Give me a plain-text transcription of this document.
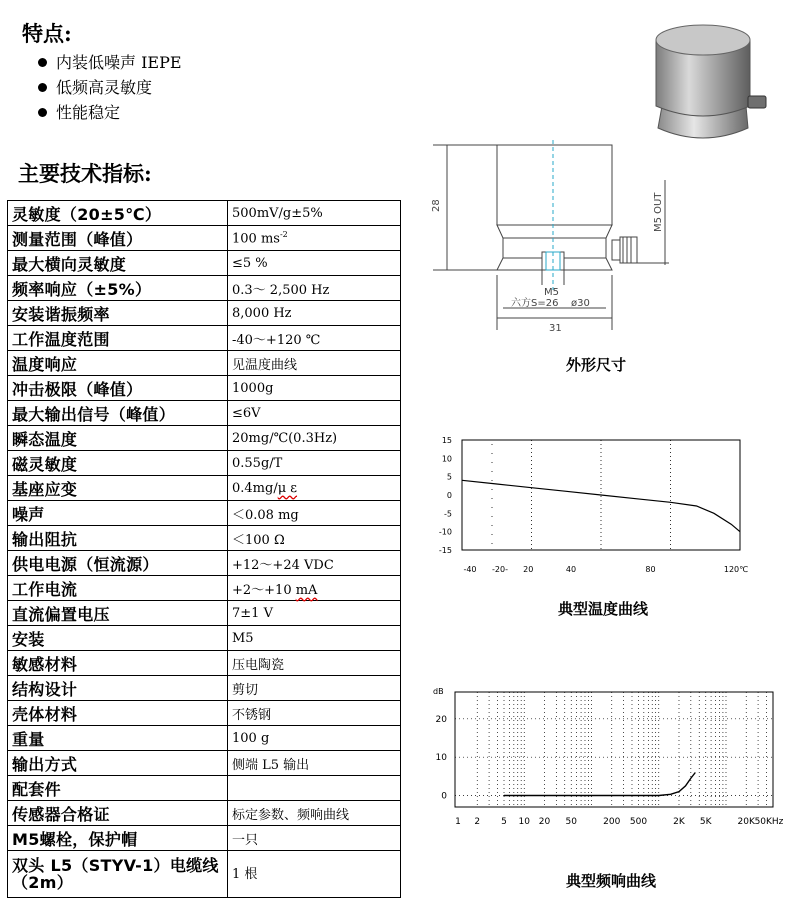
特点:
内装低噪声 IEPE
低频高灵敏度
性能稳定
主要技术指标:
灵敏度（20±5℃）	500mV/g±5%
测量范围（峰值）	100 $ms^{-2}$
最大横向灵敏度	≤5 %
频率响应（±5%）	0.3～ 2,500 Hz
安装谐振频率	8,000 Hz
工作温度范围	-40～+120 ℃
温度响应	见温度曲线
冲击极限（峰值）	1000g
最大输出信号（峰值）	≤6V
瞬态温度	20mg/℃(0.3Hz)
磁灵敏度	0.55g/T
基座应变	0.4mg/μ ε
噪声	＜0.08 mg
输出阻抗	＜100 Ω
供电电源（恒流源）	+12～+24 VDC
工作电流	+2～+10 mA
直流偏置电压	7±1 V
安装	M5
敏感材料	压电陶瓷
结构设计	剪切
壳体材料	不锈钢
重量	100 g
输出方式	侧端 L5 输出
配套件	
传感器合格证	标定参数、频响曲线
M5螺栓，保护帽	一只
双头 L5（STYV-1）电缆线（2m）	1 根
28	M5 OUT
M5
六方S=26 ø30
31
外形尺寸
15
10
5
0
-5
-10
-15
-40 -20- 20	40	80	120℃
典型温度曲线
dB
20
10
0
1 2 5 10 20 50	200 500	2K 5K	20K 50KHz
典型频响曲线
